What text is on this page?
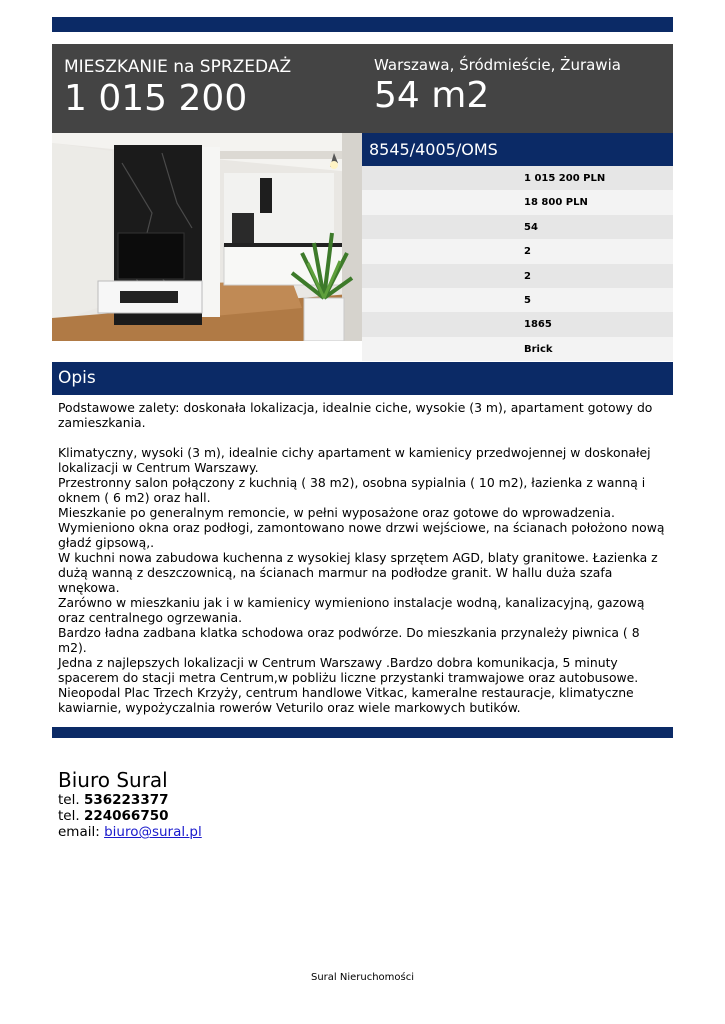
MIESZKANIE na SPRZEDAŻ
1 015 200
Warszawa, Śródmieście, Żurawia
54 m2
8545/4005/OMS
1 015 200 PLN
18 800 PLN
54
2
2
5
1865
Brick
Opis

Podstawowe zalety: doskonała lokalizacja, idealnie ciche, wysokie (3 m), apartament gotowy do zamieszkania.

Klimatyczny, wysoki (3 m), idealnie cichy apartament w kamienicy przedwojennej w doskonałej lokalizacji w Centrum Warszawy.

Przestronny salon połączony z kuchnią ( 38 m2), osobna sypialnia ( 10 m2), łazienka z wanną i oknem ( 6 m2) oraz hall.

Mieszkanie po generalnym remoncie, w pełni wyposażone oraz gotowe do wprowadzenia.

Wymieniono okna oraz podłogi, zamontowano nowe drzwi wejściowe, na ścianach położono nową gładź gipsową,.

W kuchni nowa zabudowa kuchenna z wysokiej klasy sprzętem AGD, blaty granitowe. Łazienka z dużą wanną z deszczownicą, na ścianach marmur na podłodze granit. W hallu duża szafa wnękowa.

Zarówno w mieszkaniu jak i w kamienicy wymieniono instalacje wodną, kanalizacyjną, gazową oraz centralnego ogrzewania.

Bardzo ładna zadbana klatka schodowa oraz podwórze. Do mieszkania przynależy piwnica ( 8 m2).

Jedna z najlepszych lokalizacji w Centrum Warszawy .Bardzo dobra komunikacja, 5 minuty spacerem do stacji metra Centrum,w pobliżu liczne przystanki tramwajowe oraz autobusowe.

Nieopodal Plac Trzech Krzyży, centrum handlowe Vitkac, kameralne restauracje, klimatyczne kawiarnie, wypożyczalnia rowerów Veturilo oraz wiele markowych butików.

Biuro Sural
tel. 536223377
tel. 224066750
email: biuro@sural.pl
Sural Nieruchomości
